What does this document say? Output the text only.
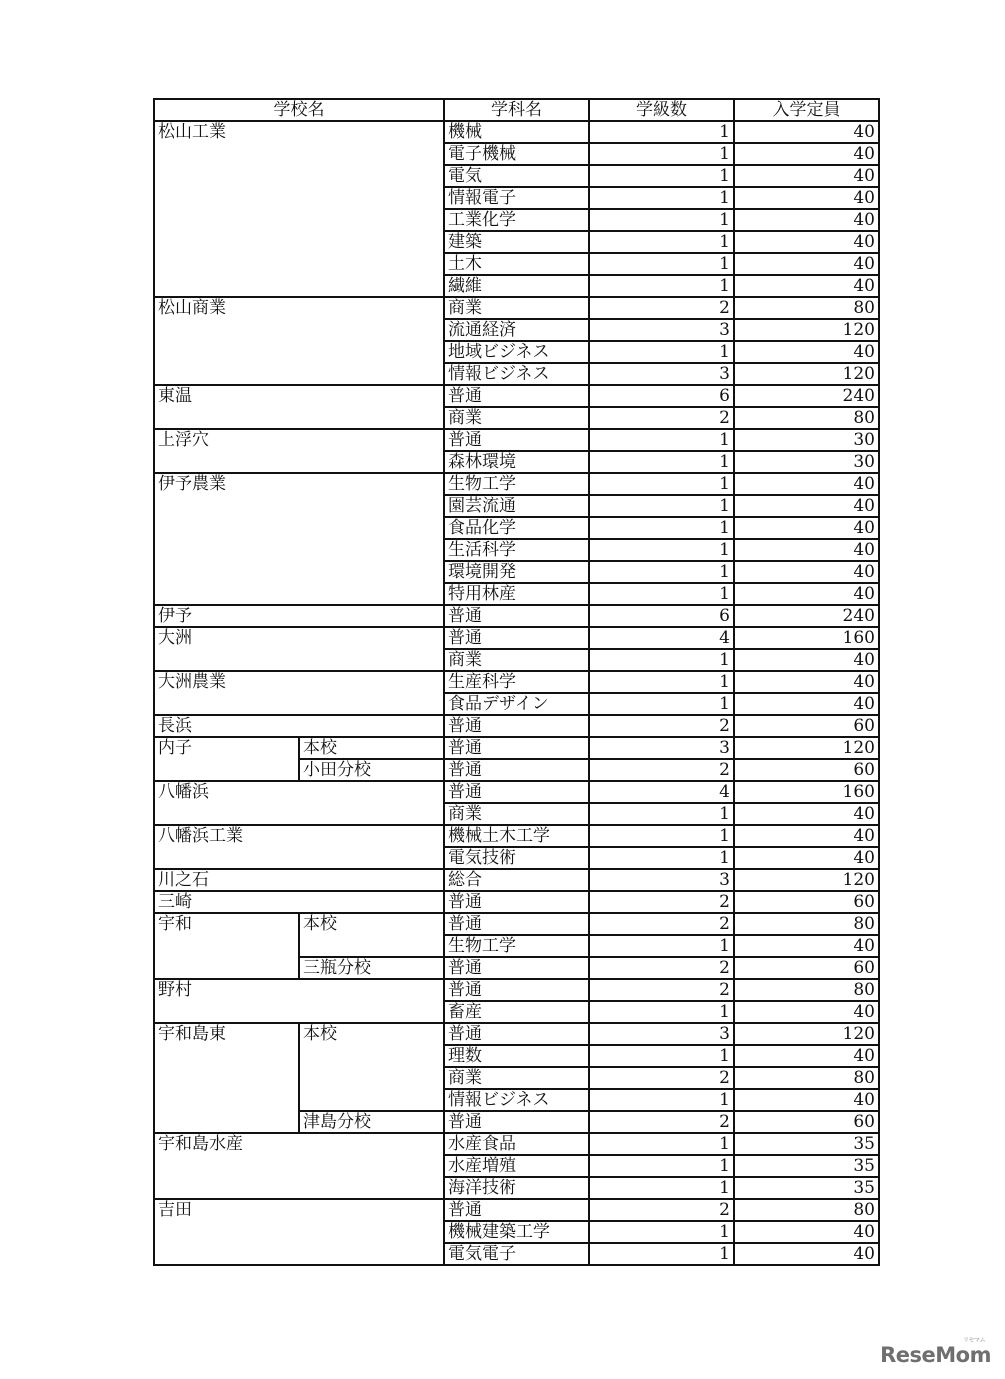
学校名		学科名	学級数	入学定員
松山工業		機械	1	40
		電子機械	1	40
		電気	1	40
		情報電子	1	40
		工業化学	1	40
		建築	1	40
		土木	1	40
		繊維	1	40
松山商業		商業	2	80
		流通経済	3	120
		地域ビジネス	1	40
		情報ビジネス	3	120
東温		普通	6	240
		商業	2	80
上浮穴		普通	1	30
		森林環境	1	30
伊予農業		生物工学	1	40
		園芸流通	1	40
		食品化学	1	40
		生活科学	1	40
		環境開発	1	40
		特用林産	1	40
伊予		普通	6	240
大洲		普通	4	160
		商業	1	40
大洲農業		生産科学	1	40
		食品デザイン	1	40
長浜		普通	2	60
内子	本校	普通	3	120
	小田分校	普通	2	60
八幡浜		普通	4	160
		商業	1	40
八幡浜工業		機械土木工学	1	40
		電気技術	1	40
川之石		総合	3	120
三崎		普通	2	60
宇和	本校	普通	2	80
		生物工学	1	40
	三瓶分校	普通	2	60
野村		普通	2	80
		畜産	1	40
宇和島東	本校	普通	3	120
		理数	1	40
		商業	2	80
		情報ビジネス	1	40
	津島分校	普通	2	60
宇和島水産		水産食品	1	35
		水産増殖	1	35
		海洋技術	1	35
吉田		普通	2	80
		機械建築工学	1	40
		電気電子	1	40
ReseMom
リセマム
